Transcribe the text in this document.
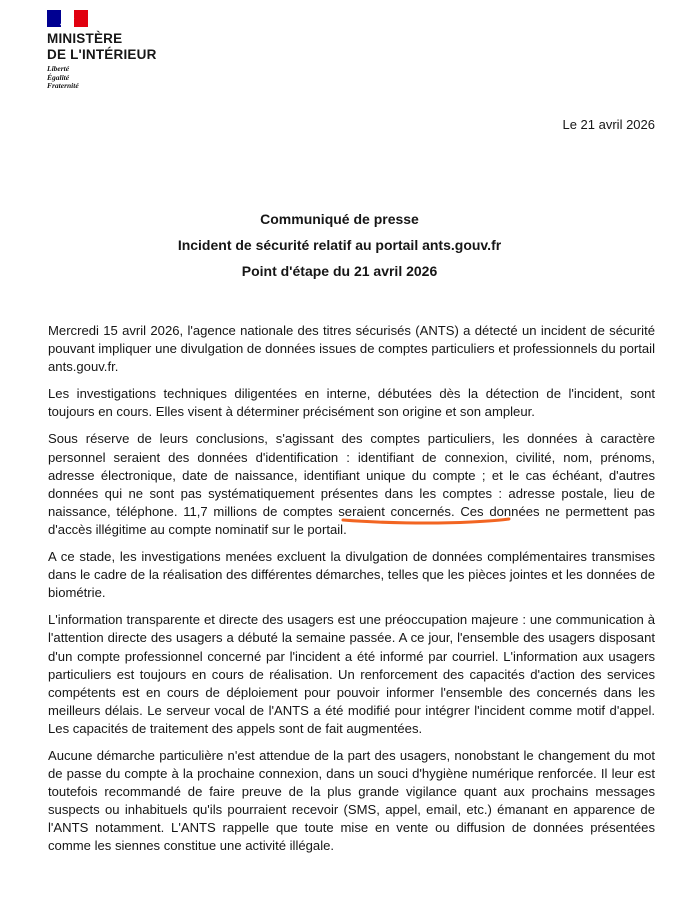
MINISTÈRE
DE L'INTÉRIEUR
Liberté
Égalité
Fraternité
Le 21 avril 2026
Communiqué de presse
Incident de sécurité relatif au portail ants.gouv.fr
Point d'étape du 21 avril 2026

Mercredi 15 avril 2026, l'agence nationale des titres sécurisés (ANTS) a détecté un incident de sécurité pouvant impliquer une divulgation de données issues de comptes particuliers et professionnels du portail ants.gouv.fr.

Les investigations techniques diligentées en interne, débutées dès la détection de l'incident, sont toujours en cours. Elles visent à déterminer précisément son origine et son ampleur.

Sous réserve de leurs conclusions, s'agissant des comptes particuliers, les données à caractère personnel seraient des données d'identification : identifiant de connexion, civilité, nom, prénoms, adresse électronique, date de naissance, identifiant unique du compte ; et le cas échéant, d'autres données qui ne sont pas systématiquement présentes dans les comptes : adresse postale, lieu de naissance, téléphone. 11,7 millions de comptes seraient concernés. Ces données ne permettent pas d'accès illégitime au compte nominatif sur le portail.

A ce stade, les investigations menées excluent la divulgation de données complémentaires transmises dans le cadre de la réalisation des différentes démarches, telles que les pièces jointes et les données de biométrie.

L'information transparente et directe des usagers est une préoccupation majeure : une communication à l'attention directe des usagers a débuté la semaine passée. A ce jour, l'ensemble des usagers disposant d'un compte professionnel concerné par l'incident a été informé par courriel. L'information aux usagers particuliers est toujours en cours de réalisation. Un renforcement des capacités d'action des services compétents est en cours de déploiement pour pouvoir informer l'ensemble des concernés dans les meilleurs délais. Le serveur vocal de l'ANTS a été modifié pour intégrer l'incident comme motif d'appel. Les capacités de traitement des appels sont de fait augmentées.

Aucune démarche particulière n'est attendue de la part des usagers, nonobstant le changement du mot de passe du compte à la prochaine connexion, dans un souci d'hygiène numérique renforcée. Il leur est toutefois recommandé de faire preuve de la plus grande vigilance quant aux prochains messages suspects ou inhabituels qu'ils pourraient recevoir (SMS, appel, email, etc.) émanant en apparence de l'ANTS notamment. L'ANTS rappelle que toute mise en vente ou diffusion de données présentées comme les siennes constitue une activité illégale.
